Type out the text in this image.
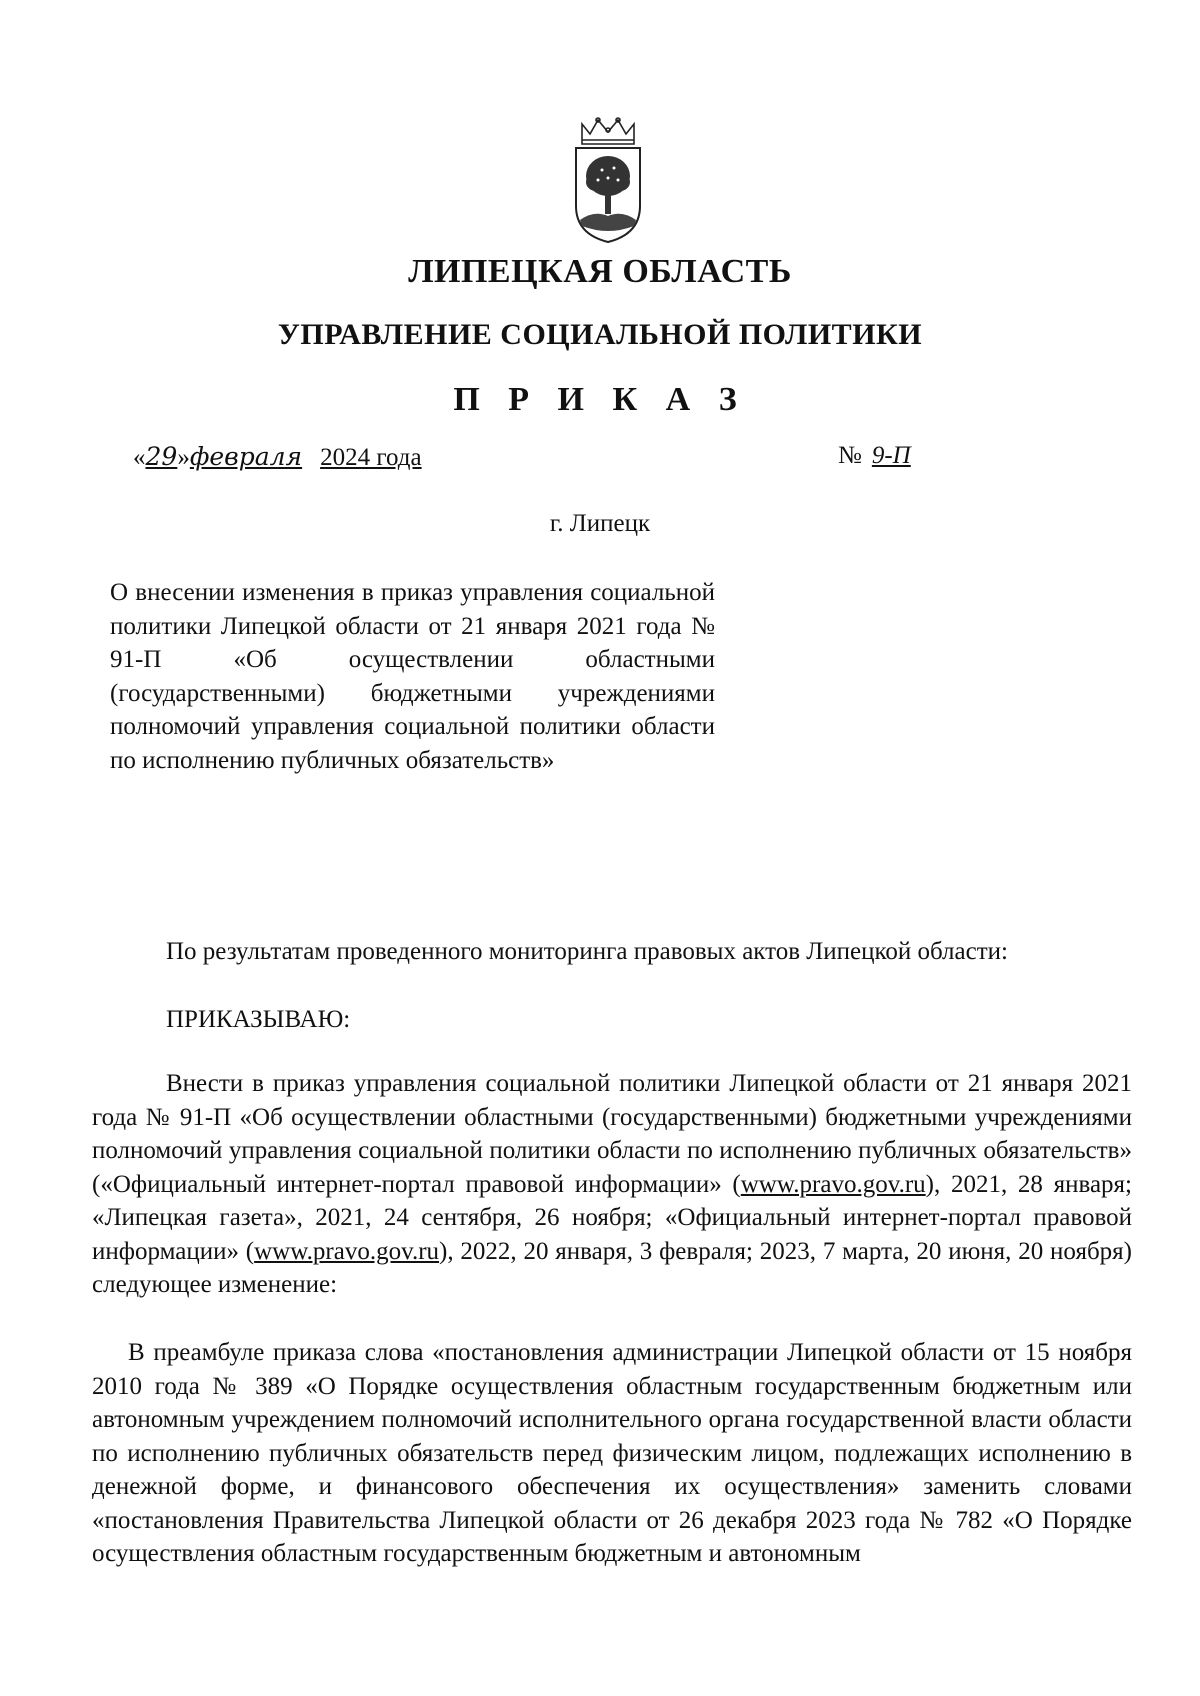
ЛИПЕЦКАЯ ОБЛАСТЬ
УПРАВЛЕНИЕ СОЦИАЛЬНОЙ ПОЛИТИКИ
П Р И К А З
«29»февраля 2024 года	№ 9-П
г. Липецк
О внесении изменения в приказ управления социальной политики Липецкой области от 21 января 2021 года № 91-П «Об осуществлении областными (государственными) бюджетными учреждениями полномочий управления социальной политики области по исполнению публичных обязательств»
По результатам проведенного мониторинга правовых актов Липецкой области:
ПРИКАЗЫВАЮ:
Внести в приказ управления социальной политики Липецкой области от 21 января 2021 года № 91-П «Об осуществлении областными (государственными) бюджетными учреждениями полномочий управления социальной политики области по исполнению публичных обязательств» («Официальный интернет-портал правовой информации» (www.pravo.gov.ru), 2021, 28 января; «Липецкая газета», 2021, 24 сентября, 26 ноября; «Официальный интернет-портал правовой информации» (www.pravo.gov.ru), 2022, 20 января, 3 февраля; 2023, 7 марта, 20 июня, 20 ноября) следующее изменение:
В преамбуле приказа слова «постановления администрации Липецкой области от 15 ноября 2010 года № 389 «О Порядке осуществления областным государственным бюджетным или автономным учреждением полномочий исполнительного органа государственной власти области по исполнению публичных обязательств перед физическим лицом, подлежащих исполнению в денежной форме, и финансового обеспечения их осуществления» заменить словами «постановления Правительства Липецкой области от 26 декабря 2023 года № 782 «О Порядке осуществления областным государственным бюджетным и автономным
